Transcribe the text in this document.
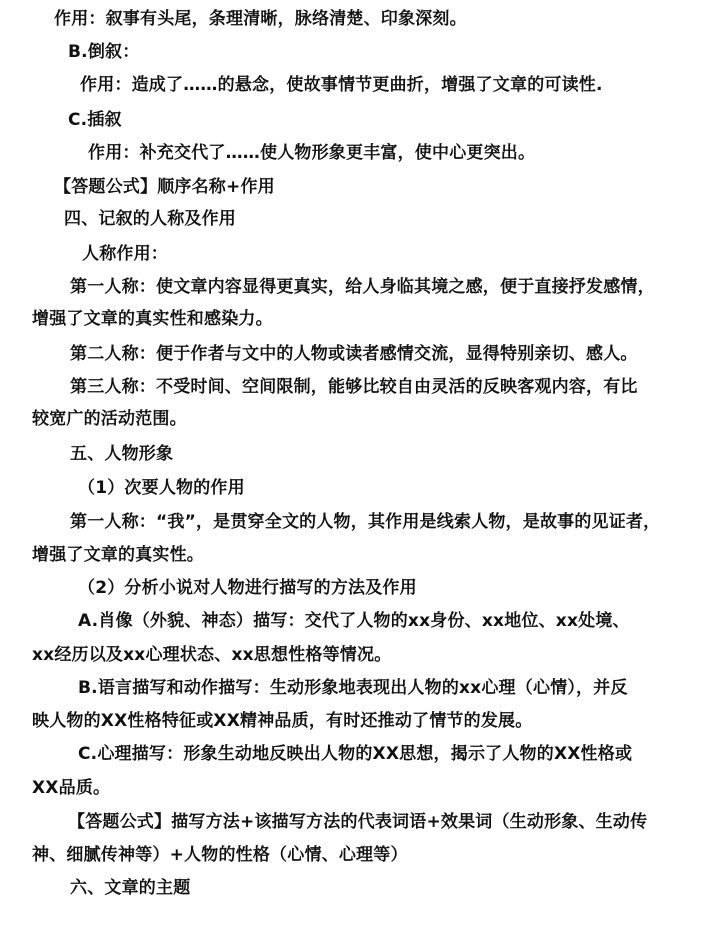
作用：叙事有头尾，条理清晰，脉络清楚、印象深刻。
B.倒叙：
作用：造成了……的悬念，使故事情节更曲折，增强了文章的可读性.
C.插叙
作用：补充交代了……使人物形象更丰富，使中心更突出。
【答题公式】顺序名称+作用
四、记叙的人称及作用
人称作用：
第一人称：使文章内容显得更真实，给人身临其境之感，便于直接抒发感情，
增强了文章的真实性和感染力。
第二人称：便于作者与文中的人物或读者感情交流，显得特别亲切、感人。
第三人称：不受时间、空间限制，能够比较自由灵活的反映客观内容，有比
较宽广的活动范围。
五、人物形象
（1）次要人物的作用
第一人称：“我”，是贯穿全文的人物，其作用是线索人物，是故事的见证者，
增强了文章的真实性。
（2）分析小说对人物进行描写的方法及作用
A.肖像（外貌、神态）描写：交代了人物的xx身份、xx地位、xx处境、
xx经历以及xx心理状态、xx思想性格等情况。
B.语言描写和动作描写：生动形象地表现出人物的xx心理（心情），并反
映人物的XX性格特征或XX精神品质，有时还推动了情节的发展。
C.心理描写：形象生动地反映出人物的XX思想，揭示了人物的XX性格或
XX品质。
【答题公式】描写方法+该描写方法的代表词语+效果词（生动形象、生动传
神、细腻传神等）+人物的性格（心情、心理等）
六、文章的主题
